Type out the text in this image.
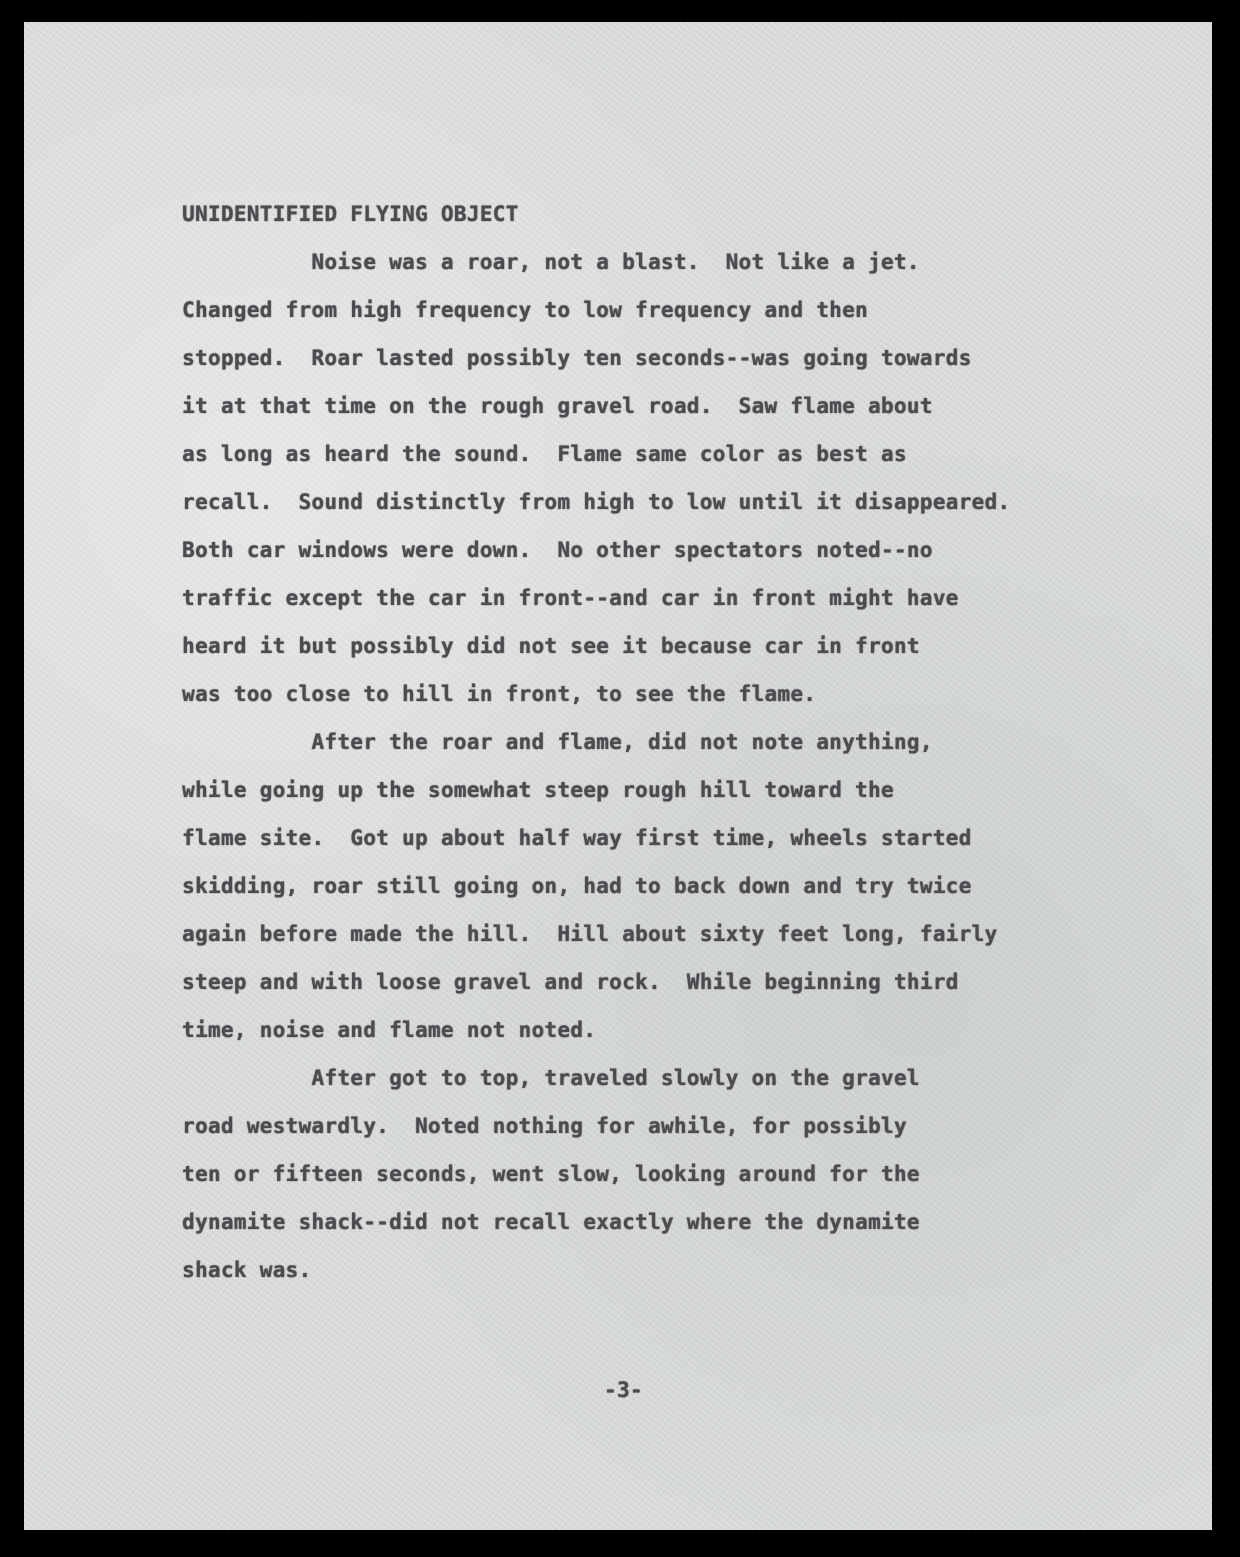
UNIDENTIFIED FLYING OBJECT
Noise was a roar, not a blast.  Not like a jet.
Changed from high frequency to low frequency and then
stopped.  Roar lasted possibly ten seconds--was going towards
it at that time on the rough gravel road.  Saw flame about
as long as heard the sound.  Flame same color as best as
recall.  Sound distinctly from high to low until it disappeared.
Both car windows were down.  No other spectators noted--no
traffic except the car in front--and car in front might have
heard it but possibly did not see it because car in front
was too close to hill in front, to see the flame.
After the roar and flame, did not note anything,
while going up the somewhat steep rough hill toward the
flame site.  Got up about half way first time, wheels started
skidding, roar still going on, had to back down and try twice
again before made the hill.  Hill about sixty feet long, fairly
steep and with loose gravel and rock.  While beginning third
time, noise and flame not noted.
After got to top, traveled slowly on the gravel
road westwardly.  Noted nothing for awhile, for possibly
ten or fifteen seconds, went slow, looking around for the
dynamite shack--did not recall exactly where the dynamite
shack was.
-3-
